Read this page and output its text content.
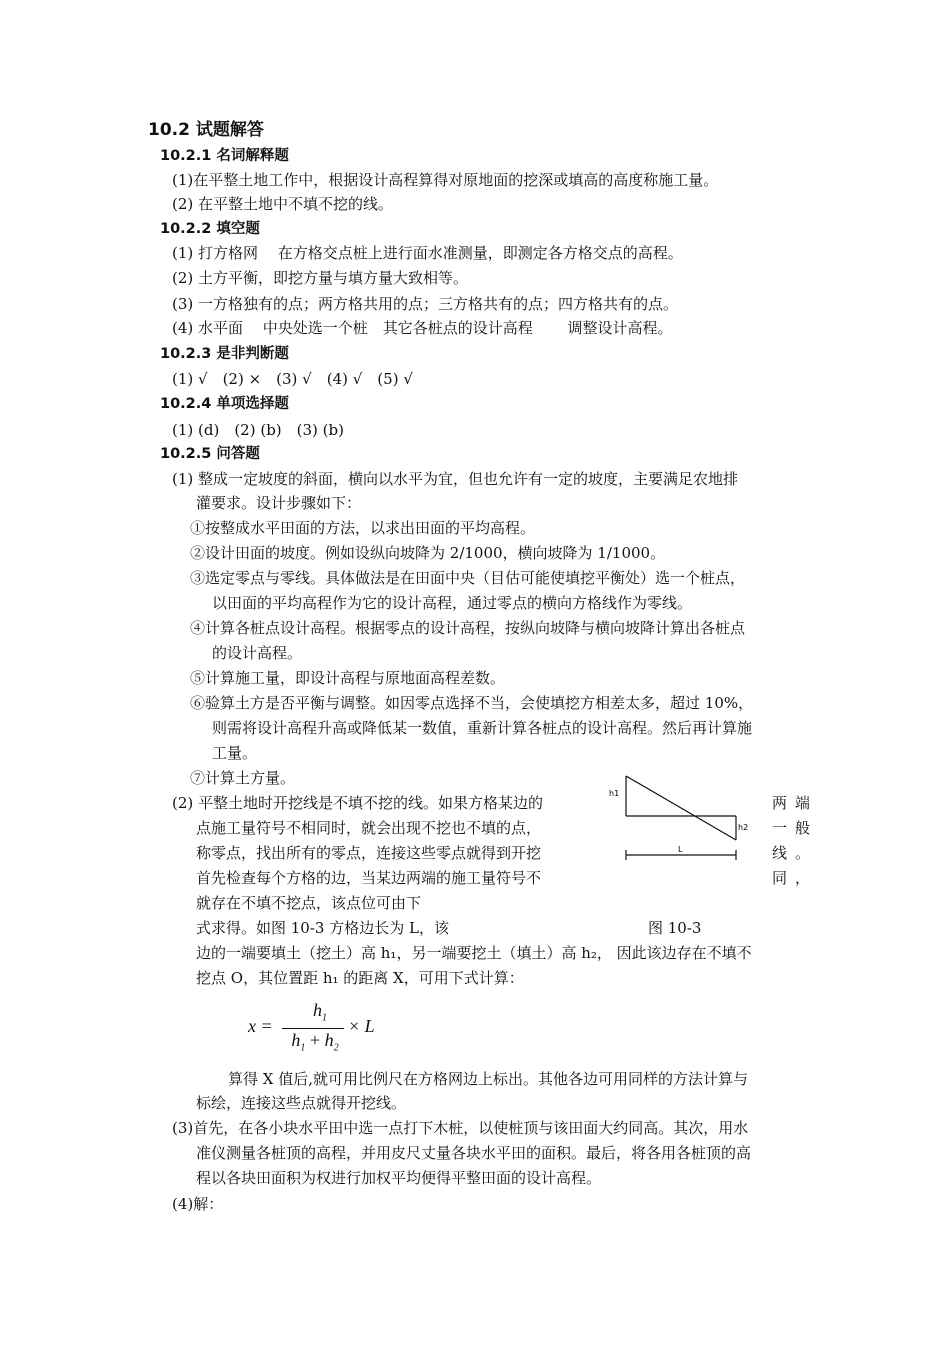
10.2 试题解答
10.2.1 名词解释题
(1)在平整土地工作中，根据设计高程算得对原地面的挖深或填高的高度称施工量。
(2) 在平整土地中不填不挖的线。
10.2.2 填空题
(1) 打方格网　 在方格交点桩上进行面水准测量，即测定各方格交点的高程。
(2) 土方平衡，即挖方量与填方量大致相等。
(3) 一方格独有的点；两方格共用的点；三方格共有的点；四方格共有的点。
(4) 水平面　 中央处选一个桩　其它各桩点的设计高程　　 调整设计高程。
10.2.3 是非判断题
(1) √　(2) ×　(3) √　(4) √　(5) √
10.2.4 单项选择题
(1) (d)　(2) (b)　(3) (b)
10.2.5 问答题
(1) 整成一定坡度的斜面，横向以水平为宜，但也允许有一定的坡度，主要满足农地排
灌要求。设计步骤如下：
①按整成水平田面的方法，以求出田面的平均高程。
②设计田面的坡度。例如设纵向坡降为 2/1000，横向坡降为 1/1000。
③选定零点与零线。具体做法是在田面中央（目估可能使填挖平衡处）选一个桩点，
以田面的平均高程作为它的设计高程，通过零点的横向方格线作为零线。
④计算各桩点设计高程。根据零点的设计高程，按纵向坡降与横向坡降计算出各桩点
的设计高程。
⑤计算施工量，即设计高程与原地面高程差数。
⑥验算土方是否平衡与调整。如因零点选择不当，会使填挖方相差太多，超过 10%，
则需将设计高程升高或降低某一数值，重新计算各桩点的设计高程。然后再计算施
工量。
⑦计算土方量。
(2) 平整土地时开挖线是不填不挖的线。如果方格某边的
点施工量符号不相同时，就会出现不挖也不填的点，
称零点，找出所有的零点，连接这些零点就得到开挖
首先检查每个方格的边，当某边两端的施工量符号不
就存在不填不挖点，该点位可由下
式求得。如图 10-3 方格边长为 L，该
两 端
一 般
线 。
同 ，
h1
h2
L
图 10-3
边的一端要填土（挖土）高 h₁，另一端要挖土（填土）高 h₂， 因此该边存在不填不
挖点 O，其位置距 h₁ 的距离 X，可用下式计算：
x =
$h_1$
$h_1 + h_2$
× L
算得 X 值后,就可用比例尺在方格网边上标出。其他各边可用同样的方法计算与
标绘，连接这些点就得开挖线。
(3)首先，在各小块水平田中选一点打下木桩，以使桩顶与该田面大约同高。其次，用水
准仪测量各桩顶的高程，并用皮尺丈量各块水平田的面积。最后，将各用各桩顶的高
程以各块田面积为权进行加权平均便得平整田面的设计高程。
(4)解：
